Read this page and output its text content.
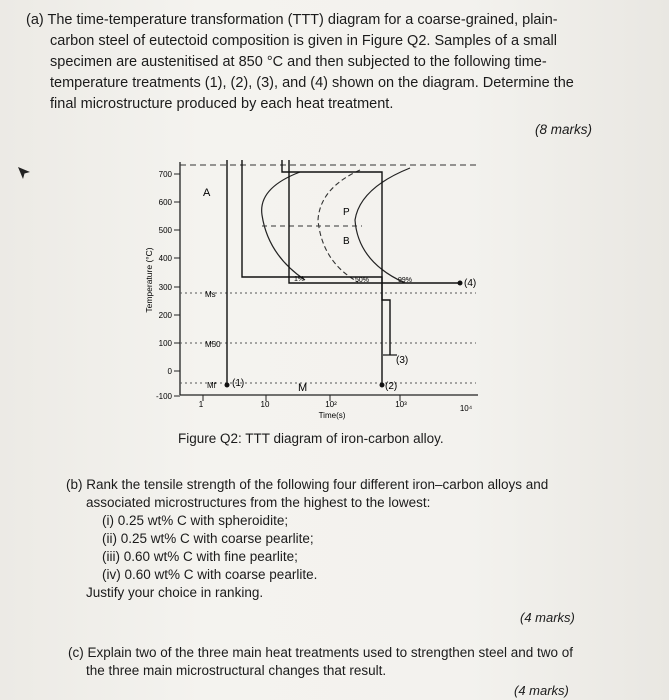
(a) The time-temperature transformation (TTT) diagram for a coarse-grained, plain-
carbon steel of eutectoid composition is given in Figure Q2. Samples of a small
specimen are austenitised at 850 °C and then subjected to the following time-
temperature treatments (1), (2), (3), and (4) shown on the diagram. Determine the
final microstructure produced by each heat treatment.
(8 marks)
700
600
500
400
300
200
100
0
-100
Temperature (°C)
1	10	10²	10³	10⁴
Time(s)
A
P
B
M
1%	50%	99%
Ms
M50
Mf (1)	(2)
(3)
(4)
Figure Q2: TTT diagram of iron-carbon alloy.
(b) Rank the tensile strength of the following four different iron–carbon alloys and
associated microstructures from the highest to the lowest:
(i) 0.25 wt% C with spheroidite;
(ii) 0.25 wt% C with coarse pearlite;
(iii) 0.60 wt% C with fine pearlite;
(iv) 0.60 wt% C with coarse pearlite.
Justify your choice in ranking.
(4 marks)
(c) Explain two of the three main heat treatments used to strengthen steel and two of
the three main microstructural changes that result.
(4 marks)
